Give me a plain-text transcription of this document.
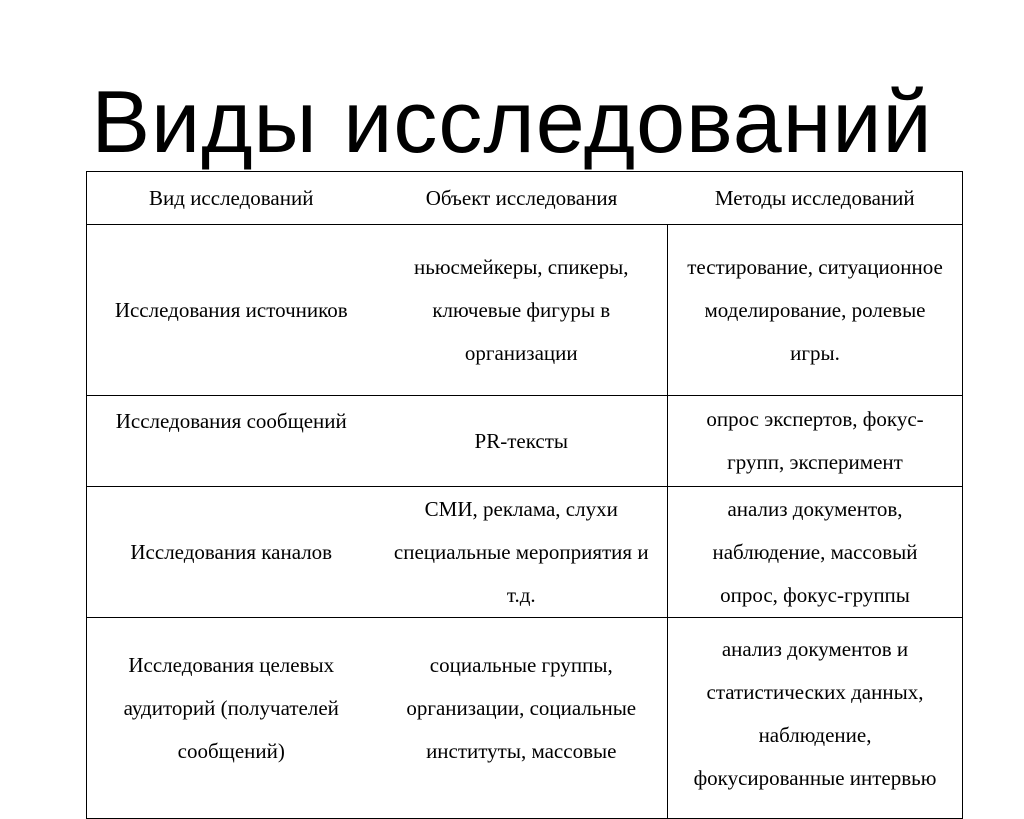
Виды исследований
Вид исследований	Объект исследования	Методы исследований

Исследования источников	ньюсмейкеры, спикеры, ключевые фигуры в организации	тестирование, ситуационное моделирование, ролевые игры.

Исследования сообщений	PR-тексты	опрос экспертов, фокус-групп, эксперимент

Исследования каналов	СМИ, реклама, слухи специальные мероприятия и т.д.	анализ документов, наблюдение, массовый опрос, фокус-группы

Исследования целевых аудиторий (получателей сообщений)	социальные группы, организации, социальные институты, массовые	анализ документов и статистических данных, наблюдение, фокусированные интервью
